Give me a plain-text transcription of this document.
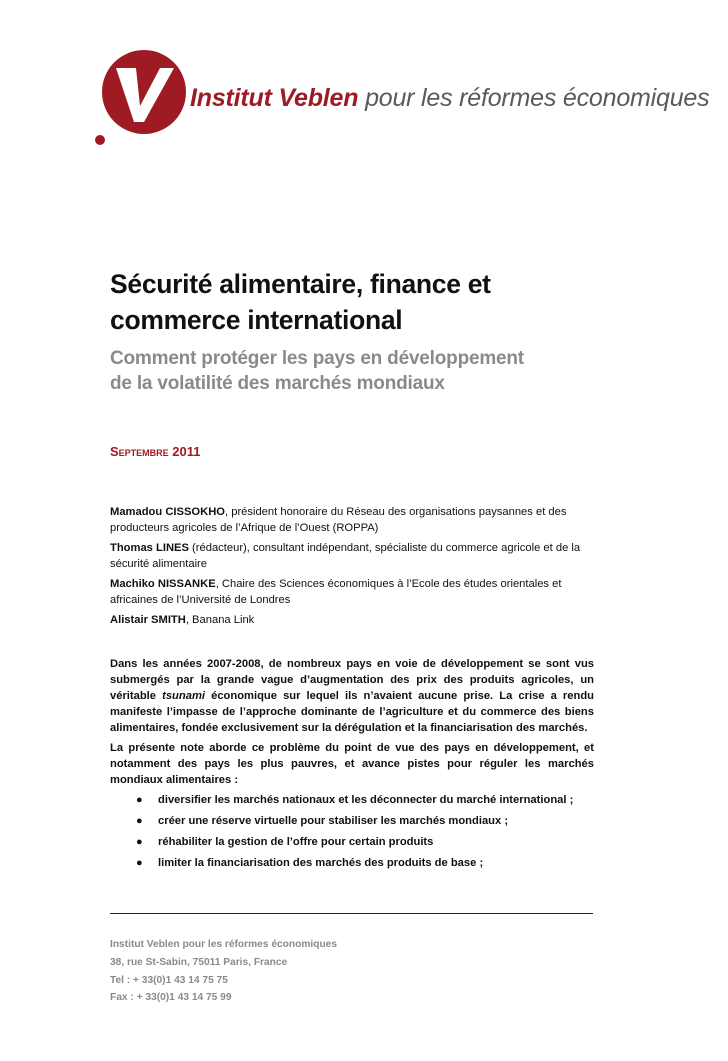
Institut Veblen pour les réformes économiques
Sécurité alimentaire, finance et
commerce international
Comment protéger les pays en développement
de la volatilité des marchés mondiaux

Septembre 2011

Mamadou CISSOKHO, président honoraire du Réseau des organisations paysannes et des producteurs agricoles de l’Afrique de l’Ouest (ROPPA)

Thomas LINES (rédacteur), consultant indépendant, spécialiste du commerce agricole et de la sécurité alimentaire

Machiko NISSANKE, Chaire des Sciences économiques à l’Ecole des études orientales et africaines de l’Université de Londres

Alistair SMITH, Banana Link

Dans les années 2007-2008, de nombreux pays en voie de développement se sont vus submergés par la grande vague d’augmentation des prix des produits agricoles, un véritable tsunami économique sur lequel ils n’avaient aucune prise. La crise a rendu manifeste l’impasse de l’approche dominante de l’agriculture et du commerce des biens alimentaires, fondée exclusivement sur la dérégulation et la financiarisation des marchés.

La présente note aborde ce problème du point de vue des pays en développement, et notamment des pays les plus pauvres, et avance pistes pour réguler les marchés mondiaux alimentaires :

● diversifier les marchés nationaux et les déconnecter du marché international ;
● créer une réserve virtuelle pour stabiliser les marchés mondiaux ;
● réhabiliter la gestion de l’offre pour certain produits
● limiter la financiarisation des marchés des produits de base ;
Institut Veblen pour les réformes économiques
38, rue St-Sabin, 75011 Paris, France
Tel : + 33(0)1 43 14 75 75
Fax : + 33(0)1 43 14 75 99
